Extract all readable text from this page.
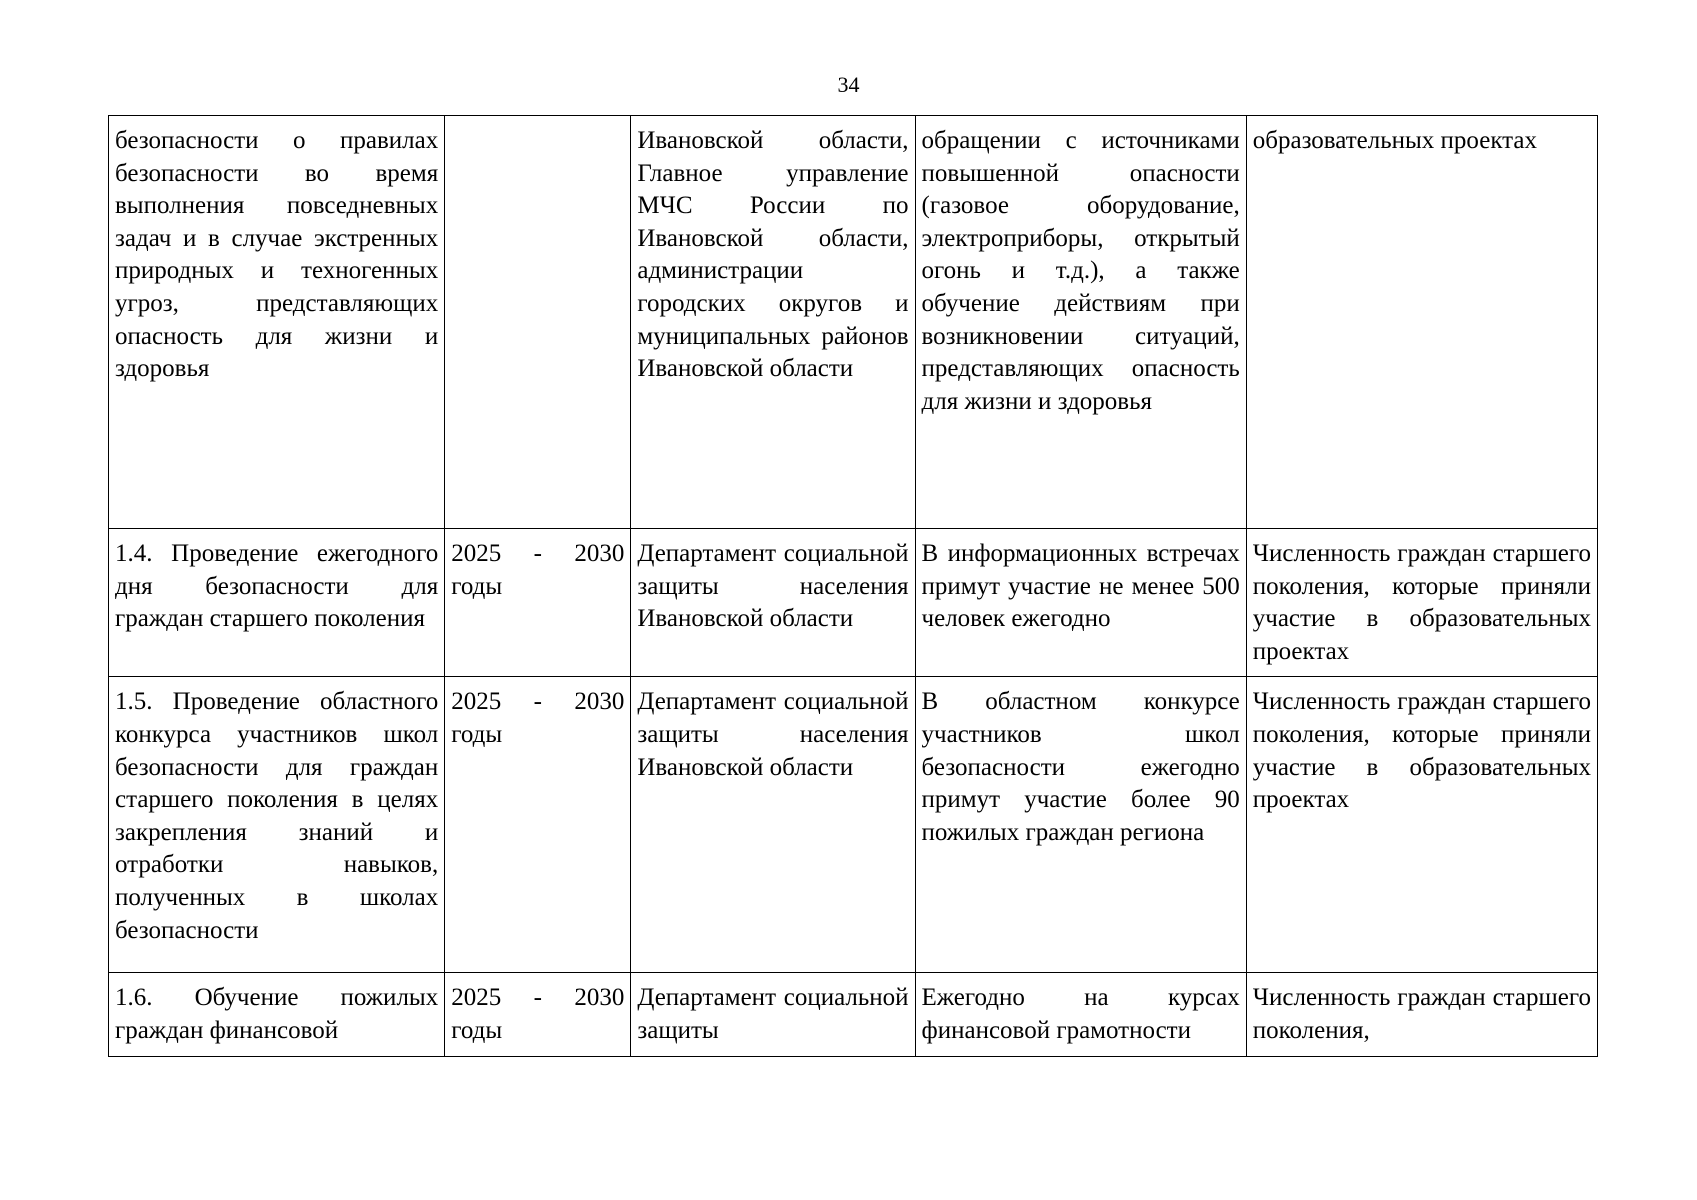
34
безопасности о правилах безопасности во время выполнения повседневных задач и в случае экстренных природных и техногенных угроз, представляющих опасность для жизни и здоровья		Ивановской области, Главное управление МЧС России по Ивановской области, администрации городских округов и муниципальных районов Ивановской области	обращении с источниками повышенной опасности (газовое оборудование, электроприборы, открытый огонь и т.д.), а также обучение действиям при возникновении ситуаций, представляющих опасность для жизни и здоровья	образовательных проектах
1.4. Проведение ежегодного дня безопасности для граждан старшего поколения	2025 - 2030 годы	Департамент социальной защиты населения Ивановской области	В информационных встречах примут участие не менее 500 человек ежегодно	Численность граждан старшего поколения, которые приняли участие в образовательных проектах
1.5. Проведение областного конкурса участников школ безопасности для граждан старшего поколения в целях закрепления знаний и отработки навыков, полученных в школах безопасности	2025 - 2030 годы	Департамент социальной защиты населения Ивановской области	В областном конкурсе участников школ безопасности ежегодно примут участие более 90 пожилых граждан региона	Численность граждан старшего поколения, которые приняли участие в образовательных проектах
1.6. Обучение пожилых граждан финансовой	2025 - 2030 годы	Департамент социальной защиты	Ежегодно на курсах финансовой грамотности	Численность граждан старшего поколения,
